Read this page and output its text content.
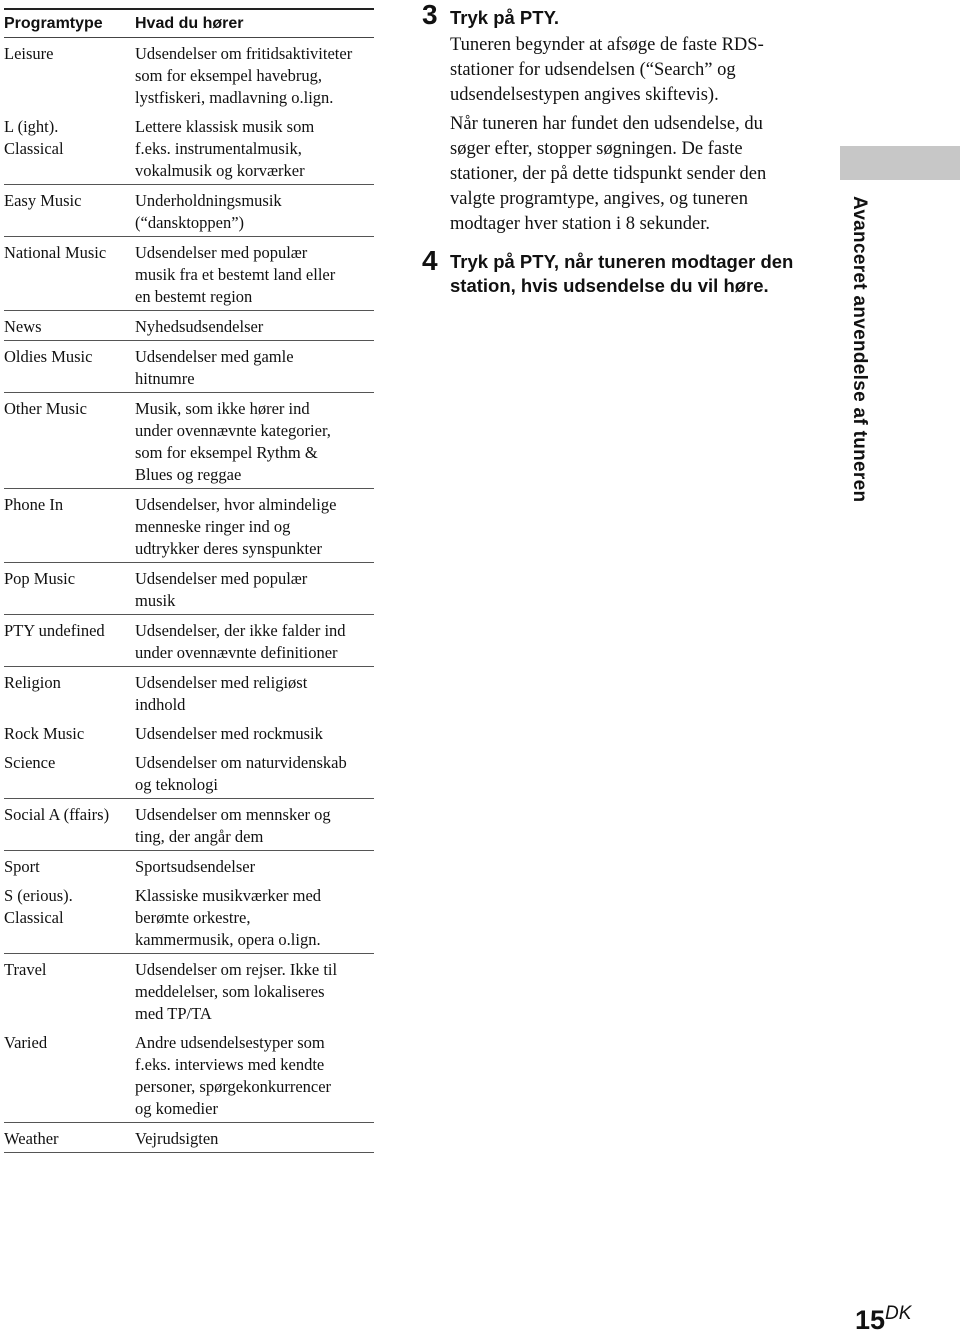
Programtype	Hvad du hører
Leisure	Udsendelser om fritidsaktiviteter
som for eksempel havebrug,
lystfiskeri, madlavning o.lign.
L (ight).
Classical	Lettere klassisk musik som
f.eks. instrumentalmusik,
vokalmusik og korværker
Easy Music	Underholdningsmusik
(“dansktoppen”)
National Music	Udsendelser med populær
musik fra et bestemt land eller
en bestemt region
News	Nyhedsudsendelser
Oldies Music	Udsendelser med gamle
hitnumre
Other Music	Musik, som ikke hører ind
under ovennævnte kategorier,
som for eksempel Rythm &
Blues og reggae
Phone In	Udsendelser, hvor almindelige
menneske ringer ind og
udtrykker deres synspunkter
Pop Music	Udsendelser med populær
musik
PTY undefined	Udsendelser, der ikke falder ind
under ovennævnte definitioner
Religion	Udsendelser med religiøst
indhold
Rock Music	Udsendelser med rockmusik
Science	Udsendelser om naturvidenskab
og teknologi
Social A (ffairs)	Udsendelser om mennsker og
ting, der angår dem
Sport	Sportsudsendelser
S (erious).
Classical	Klassiske musikværker med
berømte orkestre,
kammermusik, opera o.lign.
Travel	Udsendelser om rejser. Ikke til
meddelelser, som lokaliseres
med TP/TA
Varied	Andre udsendelsestyper som
f.eks. interviews med kendte
personer, spørgekonkurrencer
og komedier
Weather	Vejrudsigten
3 Tryk på PTY.
Tuneren begynder at afsøge de faste RDS-
stationer for udsendelsen (“Search” og
udsendelsestypen angives skiftevis).
Når tuneren har fundet den udsendelse, du
søger efter, stopper søgningen. De faste
stationer, der på dette tidspunkt sender den
valgte programtype, angives, og tuneren
modtager hver station i 8 sekunder.
4 Tryk på PTY, når tuneren modtager den
station, hvis udsendelse du vil høre.	Avanceret anvendelse af tuneren
$15^{DK}$
